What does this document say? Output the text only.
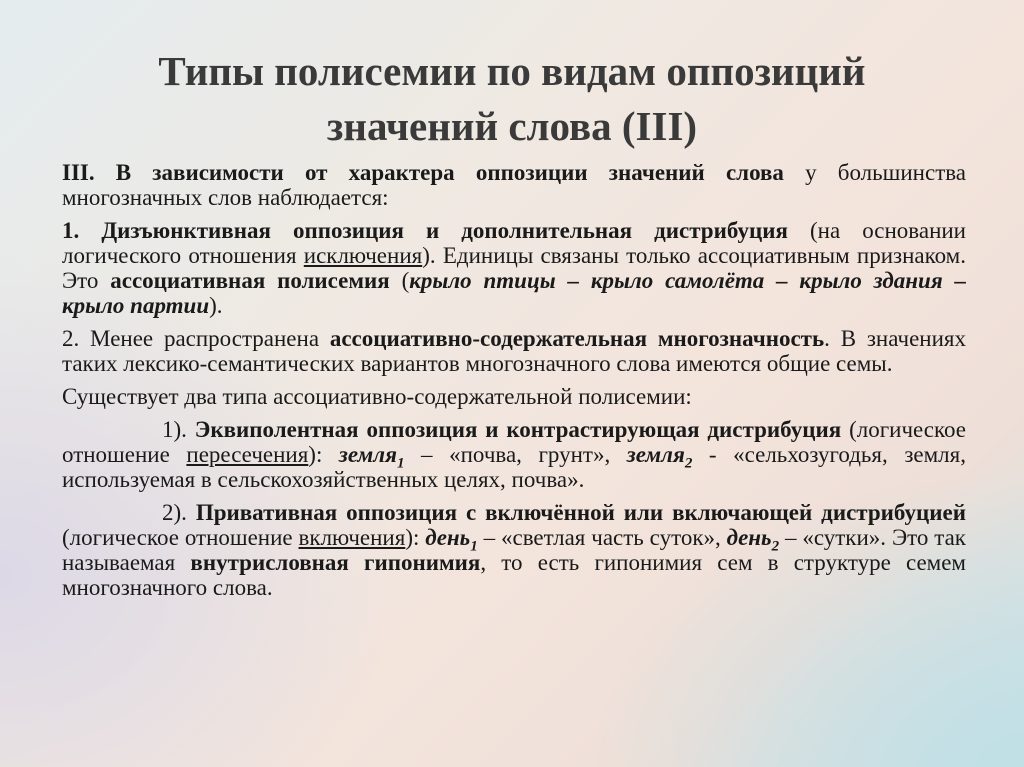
Типы полисемии по видам оппозиций
значений слова (III)

III. В зависимости от характера оппозиции значений слова у большинства многозначных слов наблюдается:

1. Дизъюнктивная оппозиция и дополнительная дистрибуция (на основании логического отношения исключения). Единицы связаны только ассоциативным признаком. Это ассоциативная полисемия (крыло птицы – крыло самолёта – крыло здания – крыло партии).

2. Менее распространена ассоциативно-содержательная многозначность. В значениях таких лексико-семантических вариантов многозначного слова имеются общие семы.

Существует два типа ассоциативно-содержательной полисемии:

1). Эквиполентная оппозиция и контрастирующая дистрибуция (логическое отношение пересечения): земля$_1$ – «почва, грунт», земля$_2$ - «сельхозугодья, земля, используемая в сельскохозяйственных целях, почва».

2). Привативная оппозиция с включённой или включающей дистрибуцией (логическое отношение включения): день$_1$ – «светлая часть суток», день$_2$ – «сутки». Это так называемая внутрисловная гипонимия, то есть гипонимия сем в структуре семем многозначного слова.
